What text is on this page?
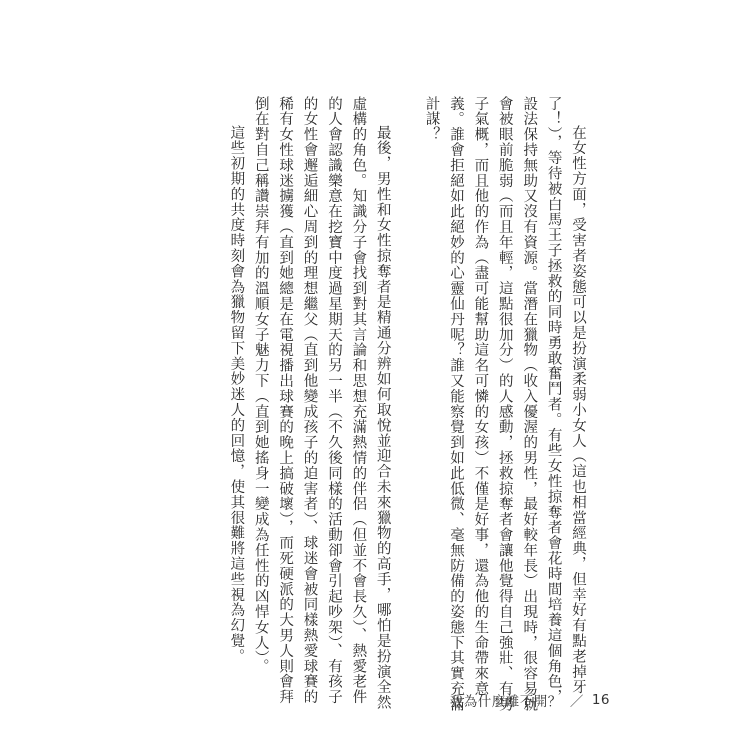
在女性方面，受害者姿態可以是扮演柔弱小女人（這也相當經典，但幸好有點老掉牙
了！），等待被白馬王子拯救的同時勇敢奮鬥者。有些女性掠奪者會花時間培養這個角色，
設法保持無助又沒有資源。當潛在獵物（收入優渥的男性，最好較年長）出現時，很容易就
會被眼前脆弱（而且年輕，這點很加分）的人感動，拯救掠奪者會讓他覺得自己強壯、有男
子氣概，而且他的作為（盡可能幫助這名可憐的女孩）不僅是好事，還為他的生命帶來意
義。誰會拒絕如此絕妙的心靈仙丹呢？誰又能察覺到如此低微、毫無防備的姿態下其實充滿
計謀？
最後，男性和女性掠奪者是精通分辨如何取悅並迎合未來獵物的高手，哪怕是扮演全然
虛構的角色。知識分子會找到對其言論和思想充滿熱情的伴侶（但並不會長久）、熱愛老件
的人會認識樂意在挖寶中度過星期天的另一半（不久後同樣的活動卻會引起吵架）、有孩子
的女性會邂逅細心周到的理想繼父（直到他變成孩子的迫害者）、球迷會被同樣熱愛球賽的
稀有女性球迷擄獲（直到她總是在電視播出球賽的晚上搞破壞），而死硬派的大男人則會拜
倒在對自己稱讚崇拜有加的溫順女子魅力下（直到她搖身一變成為任性的凶悍女人）。
這些初期的共度時刻會為獵物留下美妙迷人的回憶，使其很難將這些視為幻覺。
我為什麼離不開？ ／ 16
